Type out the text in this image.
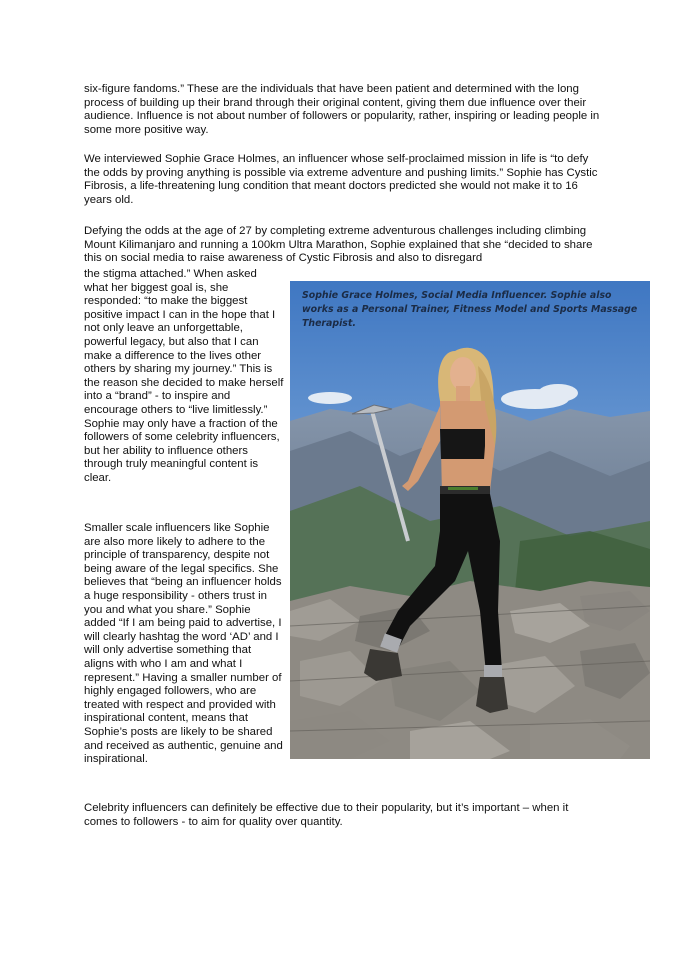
six-figure fandoms.” These are the individuals that have been patient and determined with the long process of building up their brand through their original content, giving them due influence over their audience. Influence is not about number of followers or popularity, rather, inspiring or leading people in some more positive way.

We interviewed Sophie Grace Holmes, an influencer whose self-proclaimed mission in life is “to defy the odds by proving anything is possible via extreme adventure and pushing limits.” Sophie has Cystic Fibrosis, a life-threatening lung condition that meant doctors predicted she would not make it to 16 years old.

Defying the odds at the age of 27 by completing extreme adventurous challenges including climbing Mount Kilimanjaro and running a 100km Ultra Marathon, Sophie explained that she “decided to share this on social media to raise awareness of Cystic Fibrosis and also to disregard

the stigma attached.” When asked what her biggest goal is, she responded: “to make the biggest positive impact I can in the hope that I not only leave an unforgettable, powerful legacy, but also that I can make a difference to the lives other others by sharing my journey.” This is the reason she decided to make herself into a “brand” - to inspire and encourage others to “live limitlessly.” Sophie may only have a fraction of the followers of some celebrity influencers, but her ability to influence others through truly meaningful content is clear.

Smaller scale influencers like Sophie are also more likely to adhere to the principle of transparency, despite not being aware of the legal specifics. She believes that “being an influencer holds a huge responsibility - others trust in you and what you share.” Sophie added “If I am being paid to advertise, I will clearly hashtag the word ‘AD’ and I will only advertise something that aligns with who I am and what I represent.” Having a smaller number of highly engaged followers, who are treated with respect and provided with inspirational content, means that Sophie’s posts are likely to be shared and received as authentic, genuine and inspirational.

Sophie Grace Holmes, Social Media Influencer. Sophie also works as a Personal Trainer, Fitness Model and Sports Massage Therapist.

Celebrity influencers can definitely be effective due to their popularity, but it’s important – when it comes to followers - to aim for quality over quantity.
